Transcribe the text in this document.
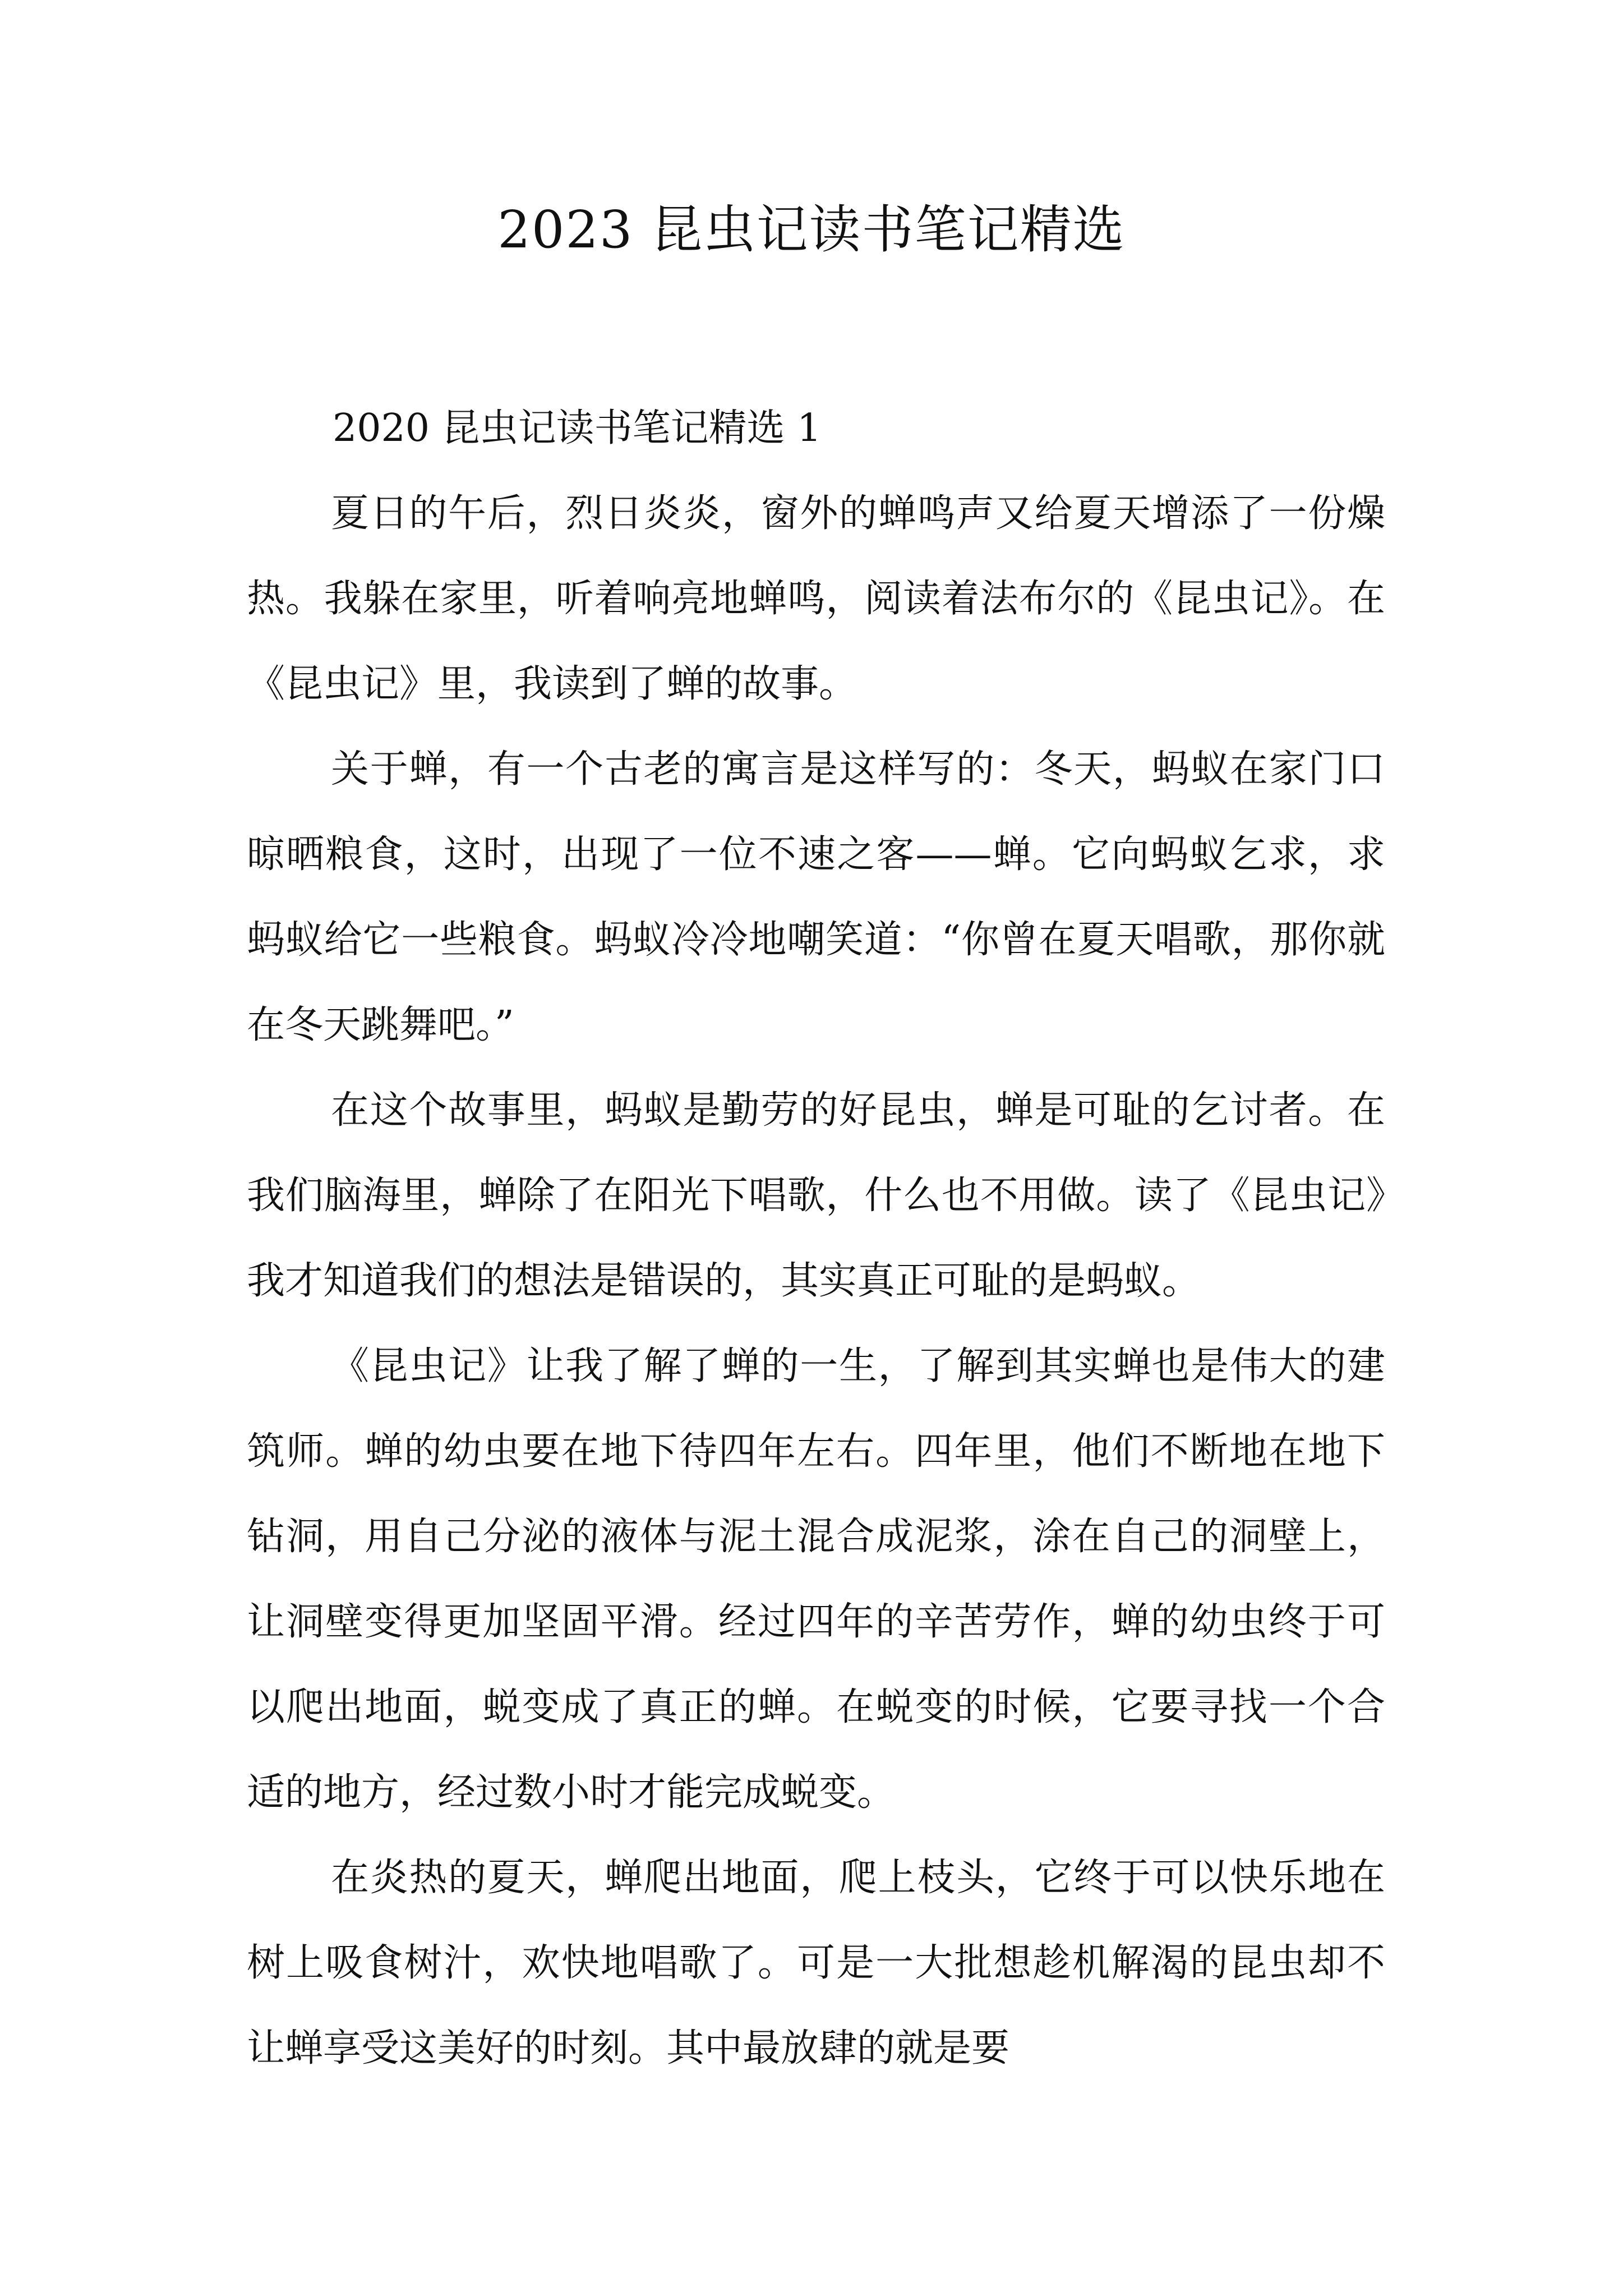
2023 昆虫记读书笔记精选

2020 昆虫记读书笔记精选 1

夏日的午后，烈日炎炎，窗外的蝉鸣声又给夏天增添了一份燥热。我躲在家里，听着响亮地蝉鸣，阅读着法布尔的《昆虫记》。在《昆虫记》里，我读到了蝉的故事。

关于蝉，有一个古老的寓言是这样写的：冬天，蚂蚁在家门口晾晒粮食，这时，出现了一位不速之客——蝉。它向蚂蚁乞求，求蚂蚁给它一些粮食。蚂蚁冷冷地嘲笑道：“你曾在夏天唱歌，那你就在冬天跳舞吧。”

在这个故事里，蚂蚁是勤劳的好昆虫，蝉是可耻的乞讨者。在我们脑海里，蝉除了在阳光下唱歌，什么也不用做。读了《昆虫记》我才知道我们的想法是错误的，其实真正可耻的是蚂蚁。

《昆虫记》让我了解了蝉的一生，了解到其实蝉也是伟大的建筑师。蝉的幼虫要在地下待四年左右。四年里，他们不断地在地下钻洞，用自己分泌的液体与泥土混合成泥浆，涂在自己的洞壁上，让洞壁变得更加坚固平滑。经过四年的辛苦劳作，蝉的幼虫终于可以爬出地面，蜕变成了真正的蝉。在蜕变的时候，它要寻找一个合适的地方，经过数小时才能完成蜕变。

在炎热的夏天，蝉爬出地面，爬上枝头，它终于可以快乐地在树上吸食树汁，欢快地唱歌了。可是一大批想趁机解渴的昆虫却不让蝉享受这美好的时刻。其中最放肆的就是要
